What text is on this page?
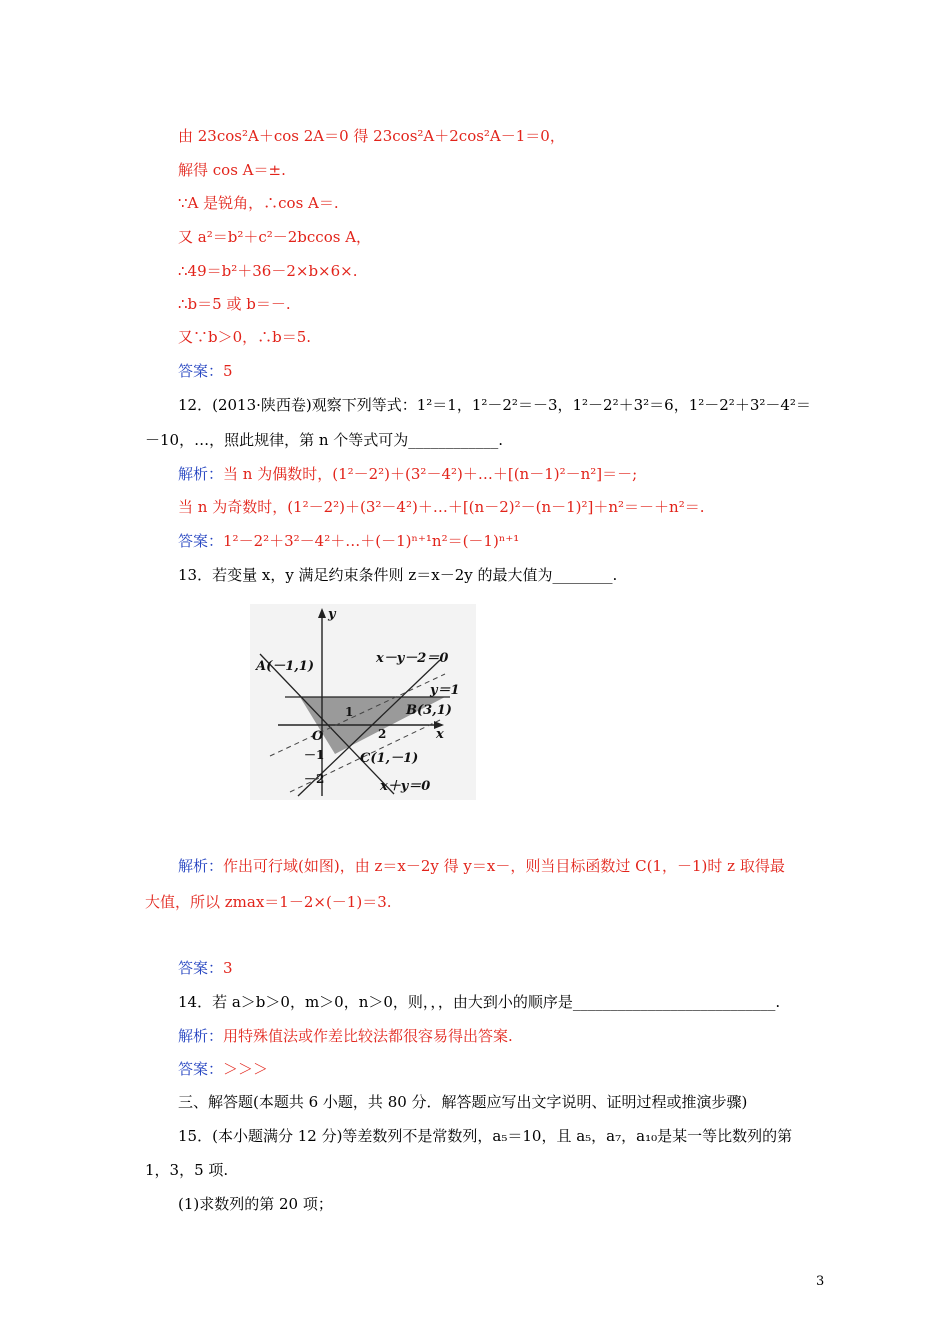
由 23cos²A＋cos 2A＝0 得 23cos²A＋2cos²A－1＝0，
解得 cos A＝±.
∵A 是锐角，∴cos A＝.
又 a²＝b²＋c²－2bccos A，
∴49＝b²＋36－2×b×6×.
∴b＝5 或 b＝－.
又∵b＞0，∴b＝5.
答案：5
12．(2013·陕西卷)观察下列等式：1²＝1，1²－2²＝－3，1²－2²＋3²＝6，1²－2²＋3²－4²＝
－10，…，照此规律，第 n 个等式可为____________.
解析：当 n 为偶数时，(1²－2²)＋(3²－4²)＋…＋[(n－1)²－n²]＝－;
当 n 为奇数时，(1²－2²)＋(3²－4²)＋…＋[(n－2)²－(n－1)²]＋n²＝－＋n²＝.
答案：1²－2²＋3²－4²＋…＋(－1)ⁿ⁺¹n²＝(－1)ⁿ⁺¹
13．若变量 x，y 满足约束条件则 z＝x－2y 的最大值为________.
y
x
O
A(－1,1)
B(3,1)
C(1,－1)
x－y－2＝0
y＝1
x＋y＝0
1
2
－1
－2
解析：作出可行域(如图)，由 z＝x－2y 得 y＝x－，则当目标函数过 C(1，－1)时 z 取得最
大值，所以 zmax＝1－2×(－1)＝3.
答案：3
14．若 a＞b＞0，m＞0，n＞0，则，，，由大到小的顺序是___________________________.
解析：用特殊值法或作差比较法都很容易得出答案.
答案：＞＞＞
三、解答题(本题共 6 小题，共 80 分．解答题应写出文字说明、证明过程或推演步骤)
15．(本小题满分 12 分)等差数列不是常数列，a₅＝10，且 a₅，a₇，a₁₀是某一等比数列的第
1，3，5 项.
(1)求数列的第 20 项；
3
